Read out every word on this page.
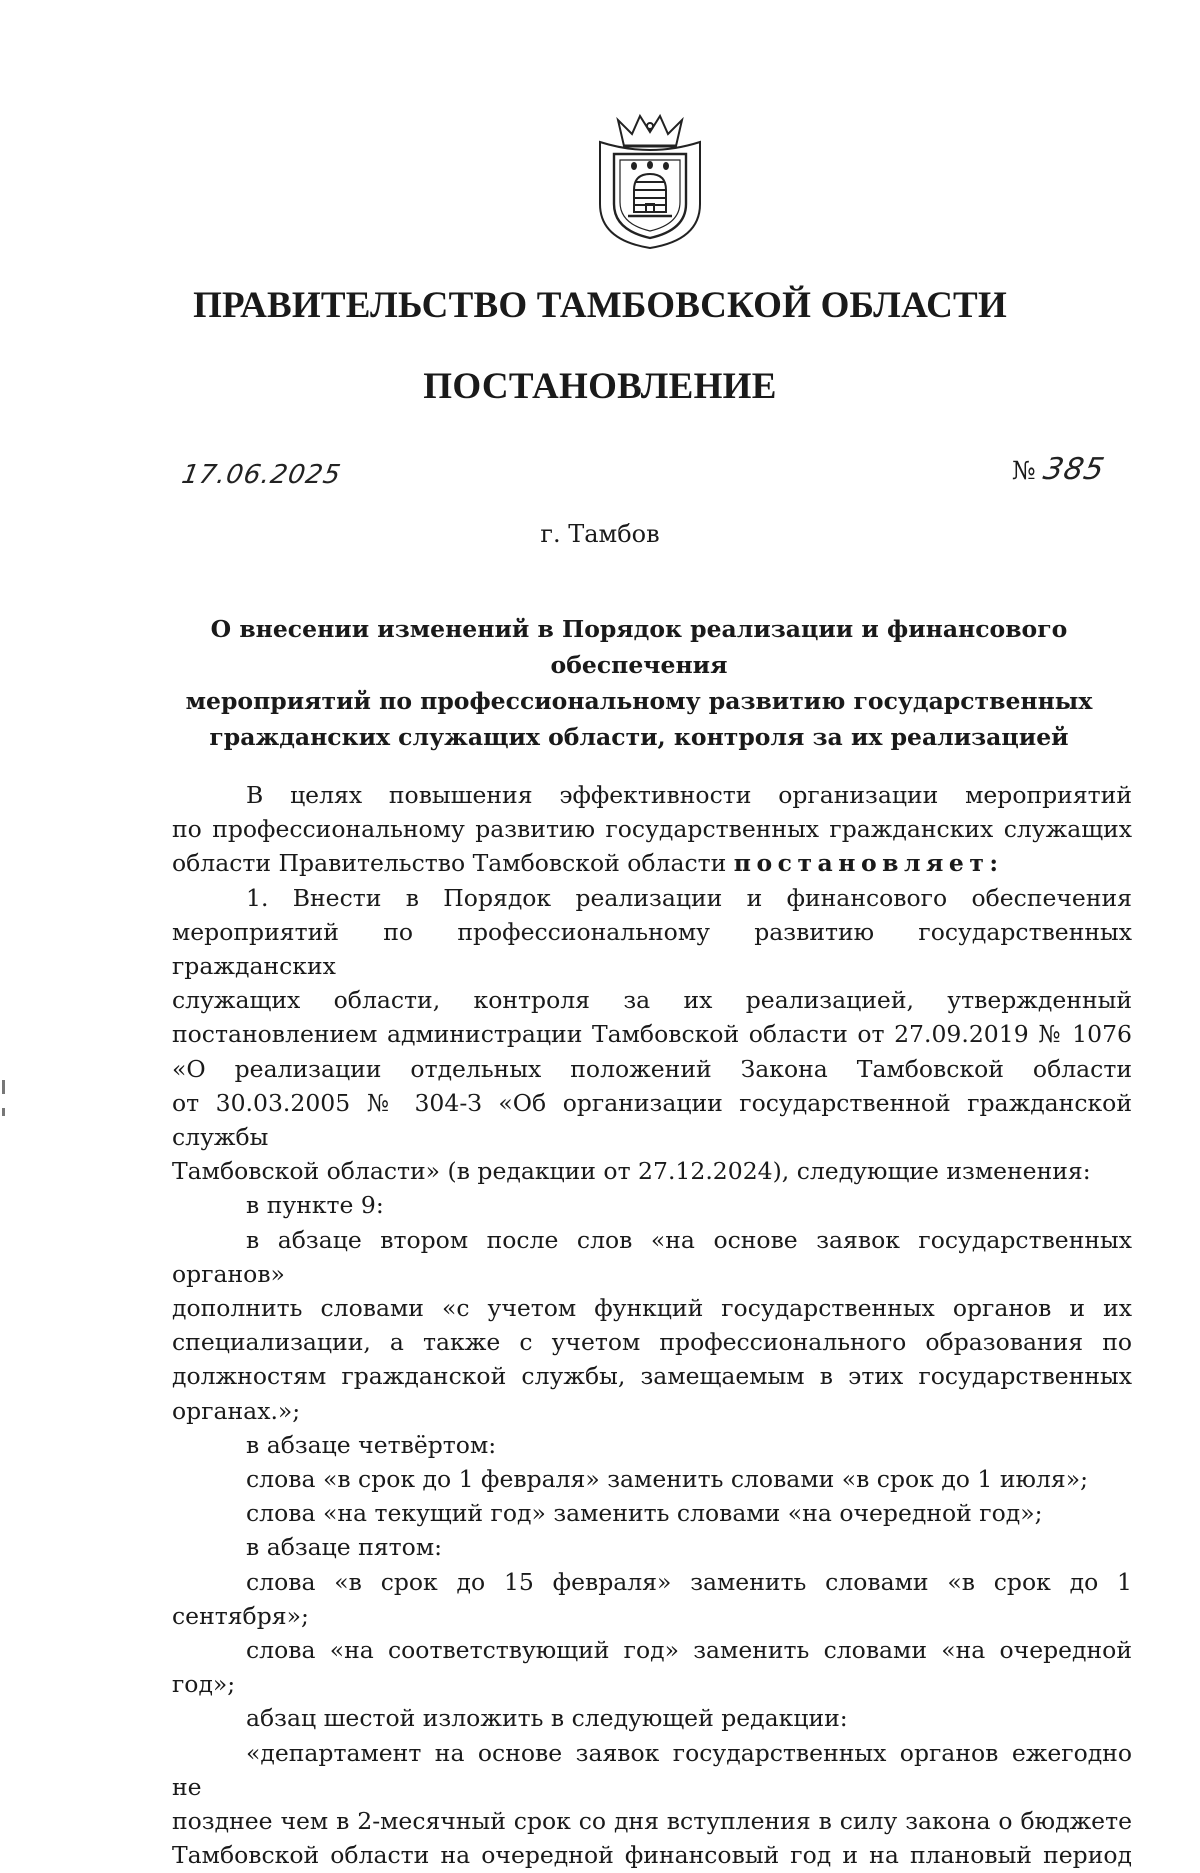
ПРАВИТЕЛЬСТВО ТАМБОВСКОЙ ОБЛАСТИ
ПОСТАНОВЛЕНИЕ
17.06.2025	№ 385
г. Тамбов
О внесении изменений в Порядок реализации и финансового обеспечения
мероприятий по профессиональному развитию государственных
гражданских служащих области, контроля за их реализацией

В целях повышения эффективности организации мероприятий

по профессиональному развитию государственных гражданских служащих

области Правительство Тамбовской области постановляет:

1. Внести в Порядок реализации и финансового обеспечения

мероприятий по профессиональному развитию государственных гражданских

служащих области, контроля за их реализацией, утвержденный

постановлением администрации Тамбовской области от 27.09.2019 № 1076

«О реализации отдельных положений Закона Тамбовской области

от 30.03.2005 № 304-З «Об организации государственной гражданской службы

Тамбовской области» (в редакции от 27.12.2024), следующие изменения:

в пункте 9:

в абзаце втором после слов «на основе заявок государственных органов»

дополнить словами «с учетом функций государственных органов и их

специализации, а также с учетом профессионального образования по

должностям гражданской службы, замещаемым в этих государственных

органах.»;

в абзаце четвёртом:

слова «в срок до 1 февраля» заменить словами «в срок до 1 июля»;

слова «на текущий год» заменить словами «на очередной год»;

в абзаце пятом:

слова «в срок до 15 февраля» заменить словами «в срок до 1 сентября»;

слова «на соответствующий год» заменить словами «на очередной год»;

абзац шестой изложить в следующей редакции:

«департамент на основе заявок государственных органов ежегодно не

позднее чем в 2-месячный срок со дня вступления в силу закона о бюджете

Тамбовской области на очередной финансовый год и на плановый период
